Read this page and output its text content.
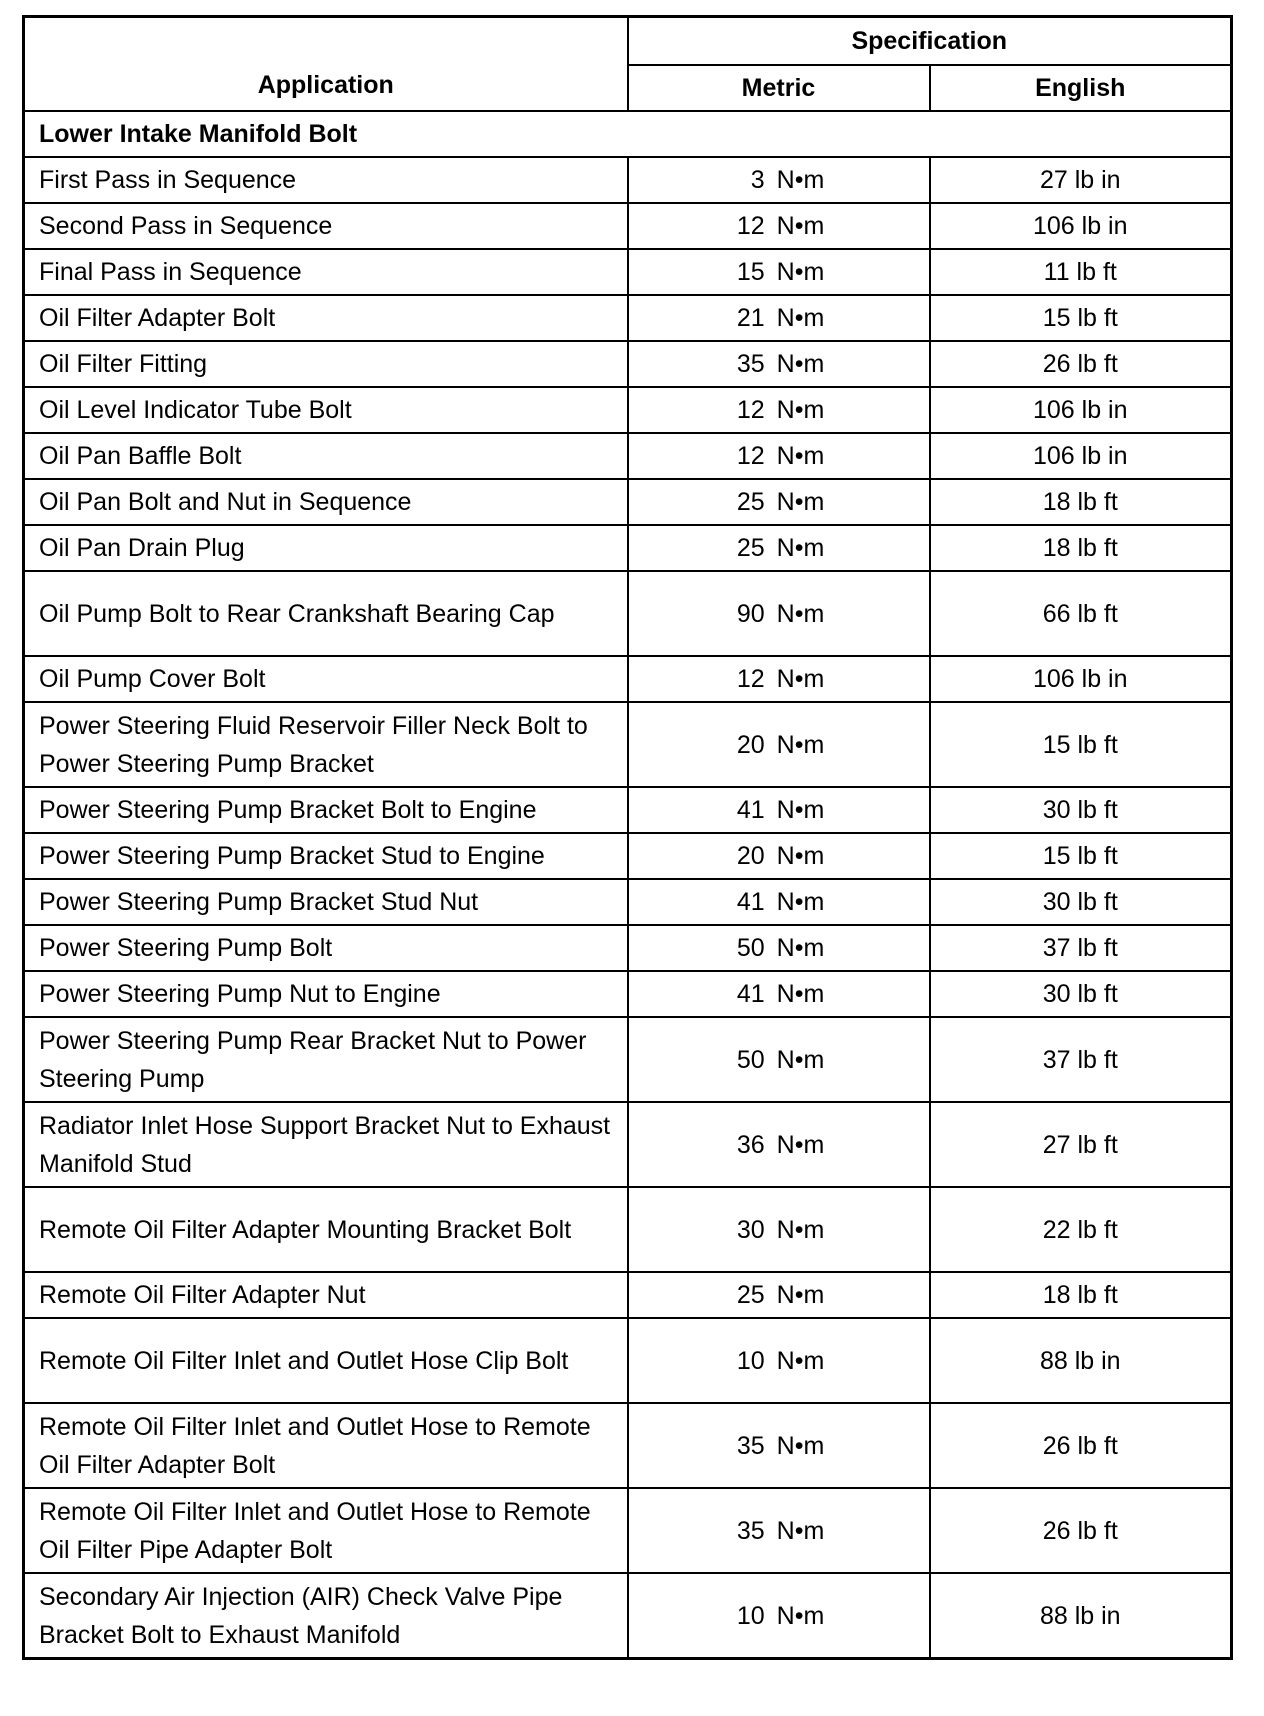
Application	Specification	
	Metric	English
Lower Intake Manifold Bolt		
First Pass in Sequence	3 N•m	27 lb in
Second Pass in Sequence	12 N•m	106 lb in
Final Pass in Sequence	15 N•m	11 lb ft
Oil Filter Adapter Bolt	21 N•m	15 lb ft
Oil Filter Fitting	35 N•m	26 lb ft
Oil Level Indicator Tube Bolt	12 N•m	106 lb in
Oil Pan Baffle Bolt	12 N•m	106 lb in
Oil Pan Bolt and Nut in Sequence	25 N•m	18 lb ft
Oil Pan Drain Plug	25 N•m	18 lb ft
Oil Pump Bolt to Rear Crankshaft Bearing Cap	90 N•m	66 lb ft
Oil Pump Cover Bolt	12 N•m	106 lb in
Power Steering Fluid Reservoir Filler Neck Bolt to Power Steering Pump Bracket	20 N•m	15 lb ft
Power Steering Pump Bracket Bolt to Engine	41 N•m	30 lb ft
Power Steering Pump Bracket Stud to Engine	20 N•m	15 lb ft
Power Steering Pump Bracket Stud Nut	41 N•m	30 lb ft
Power Steering Pump Bolt	50 N•m	37 lb ft
Power Steering Pump Nut to Engine	41 N•m	30 lb ft
Power Steering Pump Rear Bracket Nut to Power Steering Pump	50 N•m	37 lb ft
Radiator Inlet Hose Support Bracket Nut to Exhaust Manifold Stud	36 N•m	27 lb ft
Remote Oil Filter Adapter Mounting Bracket Bolt	30 N•m	22 lb ft
Remote Oil Filter Adapter Nut	25 N•m	18 lb ft
Remote Oil Filter Inlet and Outlet Hose Clip Bolt	10 N•m	88 lb in
Remote Oil Filter Inlet and Outlet Hose to Remote Oil Filter Adapter Bolt	35 N•m	26 lb ft
Remote Oil Filter Inlet and Outlet Hose to Remote Oil Filter Pipe Adapter Bolt	35 N•m	26 lb ft
Secondary Air Injection (AIR) Check Valve Pipe Bracket Bolt to Exhaust Manifold	10 N•m	88 lb in
